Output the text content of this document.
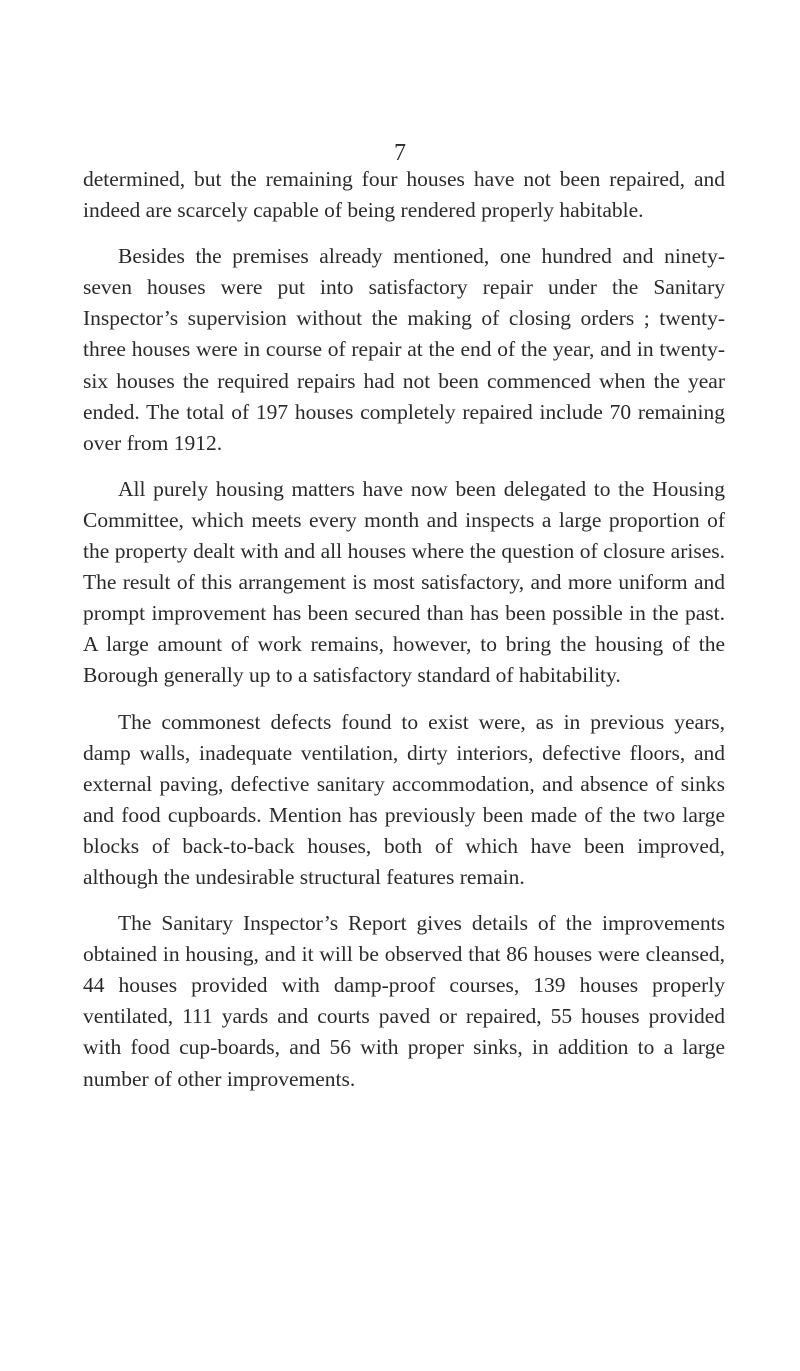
7

determined, but the remaining four houses have not been repaired, and indeed are scarcely capable of being rendered properly habitable.

Besides the premises already mentioned, one hundred and ninety-seven houses were put into satisfactory repair under the Sanitary Inspector’s supervision without the making of closing orders ; twenty-three houses were in course of repair at the end of the year, and in twenty-six houses the required repairs had not been commenced when the year ended. The total of 197 houses completely repaired include 70 remaining over from 1912.

All purely housing matters have now been delegated to the Housing Committee, which meets every month and inspects a large proportion of the property dealt with and all houses where the question of closure arises. The result of this arrangement is most satisfactory, and more uniform and prompt improvement has been secured than has been possible in the past. A large amount of work remains, however, to bring the housing of the Borough generally up to a satisfactory standard of habitability.

The commonest defects found to exist were, as in previous years, damp walls, inadequate ventilation, dirty interiors, defective floors, and external paving, defective sanitary accommodation, and absence of sinks and food cupboards. Mention has previously been made of the two large blocks of back-to-back houses, both of which have been improved, although the undesirable structural features remain.

The Sanitary Inspector’s Report gives details of the improvements obtained in housing, and it will be observed that 86 houses were cleansed, 44 houses provided with damp-proof courses, 139 houses properly ventilated, 111 yards and courts paved or repaired, 55 houses provided with food cup-boards, and 56 with proper sinks, in addition to a large number of other improvements.
